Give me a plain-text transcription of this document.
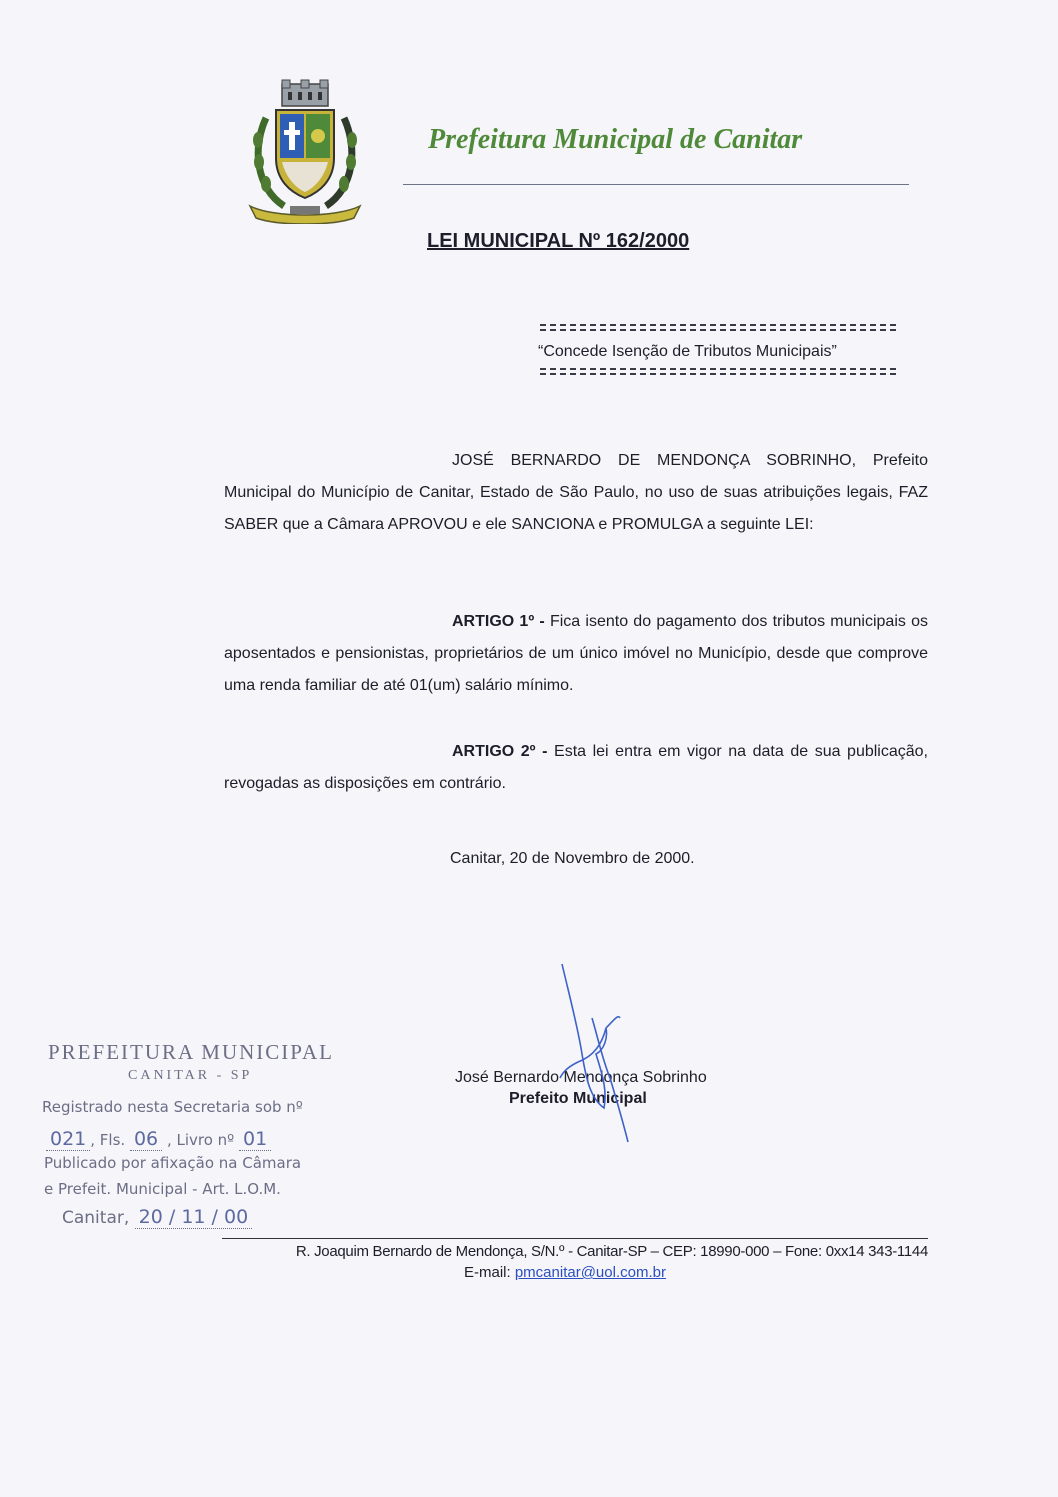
Prefeitura Municipal de Canitar
LEI MUNICIPAL Nº 162/2000
“Concede Isenção de Tributos Municipais”

JOSÉ BERNARDO DE MENDONÇA SOBRINHO, Prefeito Municipal do Município de Canitar, Estado de São Paulo, no uso de suas atribuições legais, FAZ SABER que a Câmara APROVOU e ele SANCIONA e PROMULGA a seguinte LEI:

ARTIGO 1º - Fica isento do pagamento dos tributos municipais os aposentados e pensionistas, proprietários de um único imóvel no Município, desde que comprove uma renda familiar de até 01(um) salário mínimo.

ARTIGO 2º - Esta lei entra em vigor na data de sua publicação, revogadas as disposições em contrário.

Canitar, 20 de Novembro de 2000.
José Bernardo Mendonça Sobrinho
Prefeito Municipal
PREFEITURA MUNICIPAL
CANITAR - SP
Registrado nesta Secretaria sob nº
021 , Fls. 06 , Livro nº 01
Publicado por afixação na Câmara
e Prefeit. Municipal - Art. L.O.M.
Canitar, 20 / 11 / 00
R. Joaquim Bernardo de Mendonça, S/N.º - Canitar-SP – CEP: 18990-000 – Fone: 0xx14 343-1144
E-mail: pmcanitar@uol.com.br
